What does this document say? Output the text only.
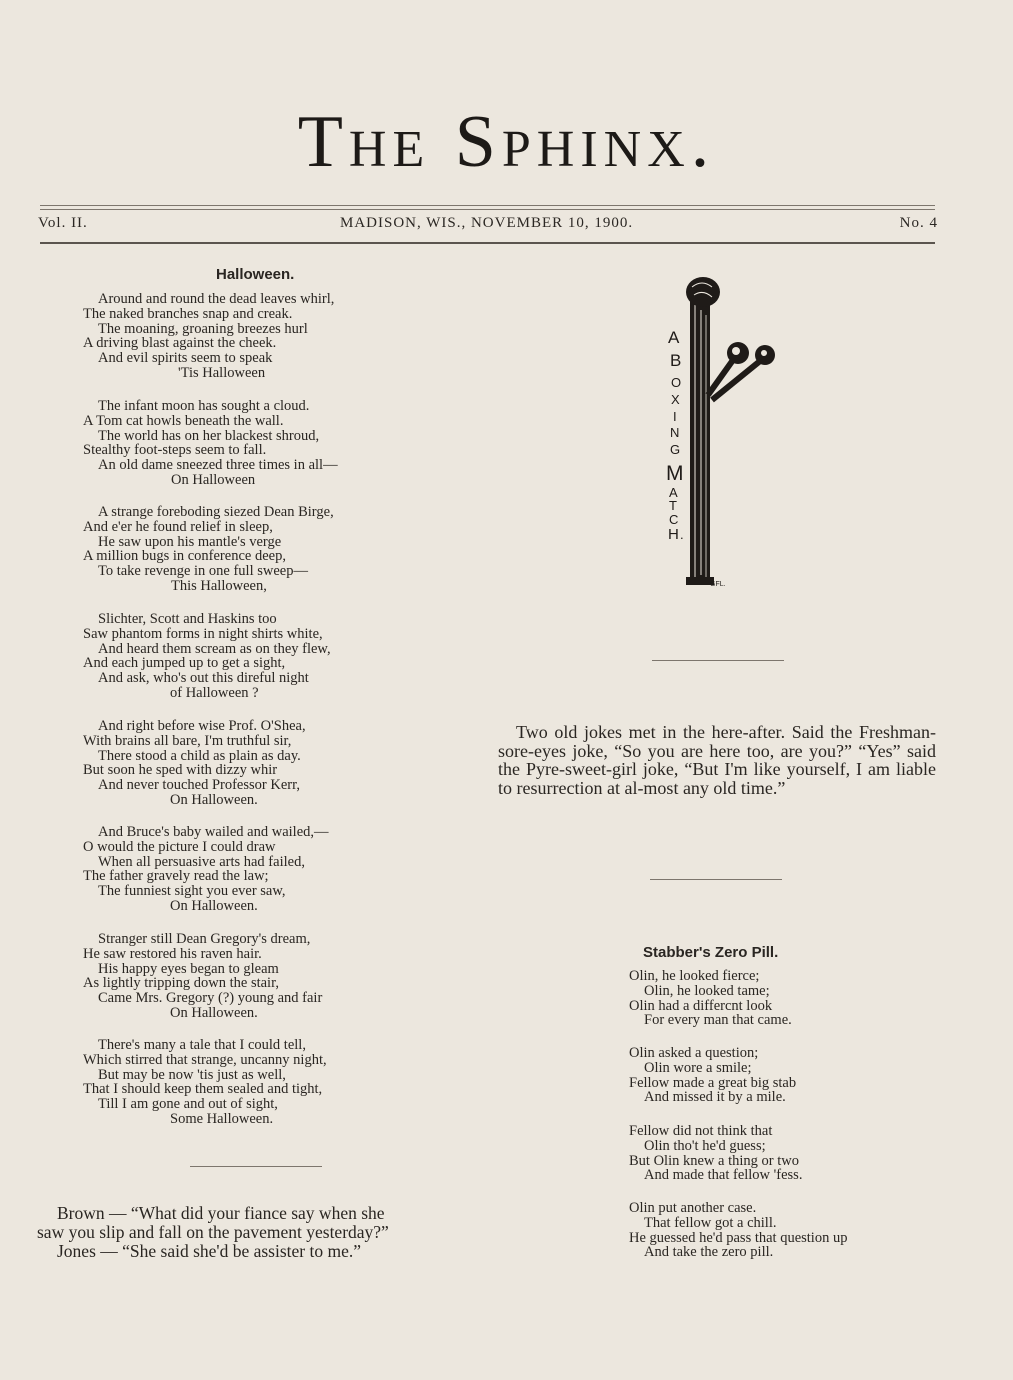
The Sphinx.
Vol. II.	MADISON, WIS., NOVEMBER 10, 1900.	No. 4
Halloween.
Around and round the dead leaves whirl,
The naked branches snap and creak.
The moaning, groaning breezes hurl
A driving blast against the cheek.
And evil spirits seem to speak
'Tis Halloween
The infant moon has sought a cloud.
A Tom cat howls beneath the wall.
The world has on her blackest shroud,
Stealthy foot-steps seem to fall.
An old dame sneezed three times in all—
On Halloween
A strange foreboding siezed Dean Birge,
And e'er he found relief in sleep,
He saw upon his mantle's verge
A million bugs in conference deep,
To take revenge in one full sweep—
This Halloween,
Slichter, Scott and Haskins too
Saw phantom forms in night shirts white,
And heard them scream as on they flew,
And each jumped up to get a sight,
And ask, who's out this direful night
of Halloween ?
And right before wise Prof. O'Shea,
With brains all bare, I'm truthful sir,
There stood a child as plain as day.
But soon he sped with dizzy whir
And never touched Professor Kerr,
On Halloween.
And Bruce's baby wailed and wailed,—
O would the picture I could draw
When all persuasive arts had failed,
The father gravely read the law;
The funniest sight you ever saw,
On Halloween.
Stranger still Dean Gregory's dream,
He saw restored his raven hair.
His happy eyes began to gleam
As lightly tripping down the stair,
Came Mrs. Gregory (?) young and fair
On Halloween.
There's many a tale that I could tell,
Which stirred that strange, uncanny night,
But may be now 'tis just as well,
That I should keep them sealed and tight,
Till I am gone and out of sight,
Some Halloween.
Brown — “What did your fiance say when she
saw you slip and fall on the pavement yesterday?”
Jones — “She said she'd be assister to me.”
A
B
O
X
I
N
G
M
A
T
C
H .
GFL.
Two old jokes met in the here-after. Said the Freshman-sore-eyes joke, “So you are here too, are you?” “Yes” said the Pyre-sweet-girl joke, “But I'm like yourself, I am liable to resurrection at al-most any old time.”
Stabber's Zero Pill.
Olin, he looked fierce;
Olin, he looked tame;
Olin had a differcnt look
For every man that came.
Olin asked a question;
Olin wore a smile;
Fellow made a great big stab
And missed it by a mile.
Fellow did not think that
Olin tho't he'd guess;
But Olin knew a thing or two
And made that fellow 'fess.
Olin put another case.
That fellow got a chill.
He guessed he'd pass that question up
And take the zero pill.
